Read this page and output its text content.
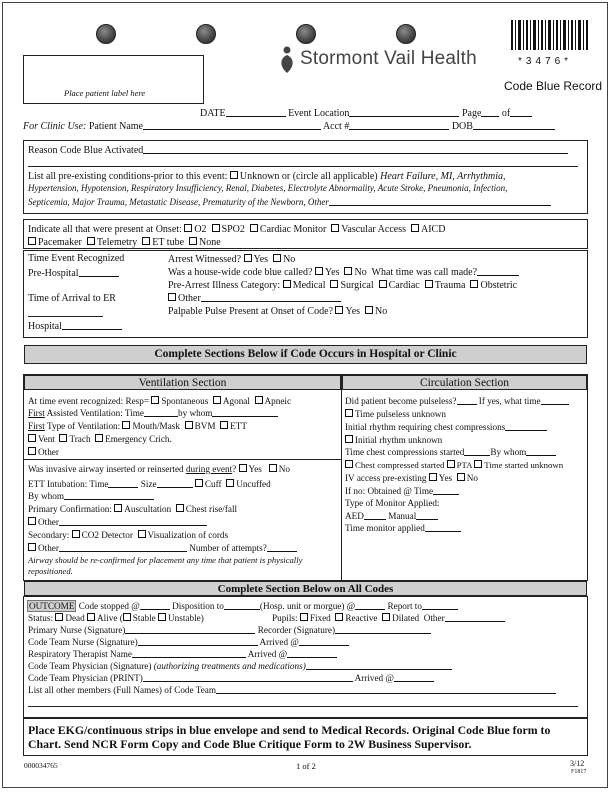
Place patient label here
Stormont Vail Health	*3476*
Code Blue Record
DATE	Event Location	Page of
For Clinic Use: Patient Name	Acct #	DOB
Reason Code Blue Activated
List all pre-existing conditions-prior to this event: Unknown or (circle all applicable) Heart Failure, MI, Arrhythmia,
Hypertension, Hypotension, Respiratory Insufficiency, Renal, Diabetes, Electrolyte Abnormality, Acute Stroke, Pneumonia, Infection,
Septicemia, Major Trauma, Metastatic Disease, Prematurity of the Newborn, Other
Indicate all that were present at Onset: O2 SPO2 Cardiac Monitor Vascular Access AICD
Pacemaker Telemetry ET tube None
Time Event Recognized
Pre-Hospital
Time of Arrival to ER
Hospital
Arrest Witnessed? Yes No
Was a house-wide code blue called? Yes No What time was call made?
Pre-Arrest Illness Category: Medical Surgical Cardiac Trauma Obstetric
Other
Palpable Pulse Present at Onset of Code? Yes No
Complete Sections Below if Code Occurs in Hospital or Clinic
Ventilation Section	Circulation Section
At time event recognized: Resp= Spontaneous Agonal Apneic
First Assisted Ventilation: Time	by whom
First Type of Ventilation: Mouth/Mask BVM ETT
Vent Trach Emergency Crich.
Other
Was invasive airway inserted or reinserted during event? Yes No
ETT Intubation: Time	Size	Cuff Uncuffed
By whom
Primary Confirmation: Auscultation Chest rise/fall
Other
Secondary: CO2 Detector Visualization of cords
Other	Number of attempts?
Airway should be re-confirmed for placement any time that patient is physically repositioned.
Did patient become pulseless? If yes, what time
Time pulseless unknown
Initial rhythm requiring chest compressions
Initial rhythm unknown
Time chest compressions started	By whom
Chest compressed started PTA Time started unknown
IV access pre-existing Yes No
If no: Obtained @ Time
Type of Monitor Applied:
AED	Manual
Time monitor applied
Complete Section Below on All Codes
OUTCOME Code stopped @	Disposition to	(Hosp. unit or morgue) @	Report to
Status: Dead Alive ( Stable Unstable)	Pupils: Fixed Reactive Dilated Other
Primary Nurse (Signature)	Recorder (Signature)
Code Team Nurse (Signature)	Arrived @
Respiratory Therapist Name	Arrived @
Code Team Physician (Signature) (authorizing treatments and medications)
Code Team Physician (PRINT)	Arrived @
List all other members (Full Names) of Code Team
Place EKG/continuous strips in blue envelope and send to Medical Records. Original Code Blue form to Chart. Send NCR Form Copy and Code Blue Critique Form to 2W Business Supervisor.
000034765	1 of 2	3/12
F1817
